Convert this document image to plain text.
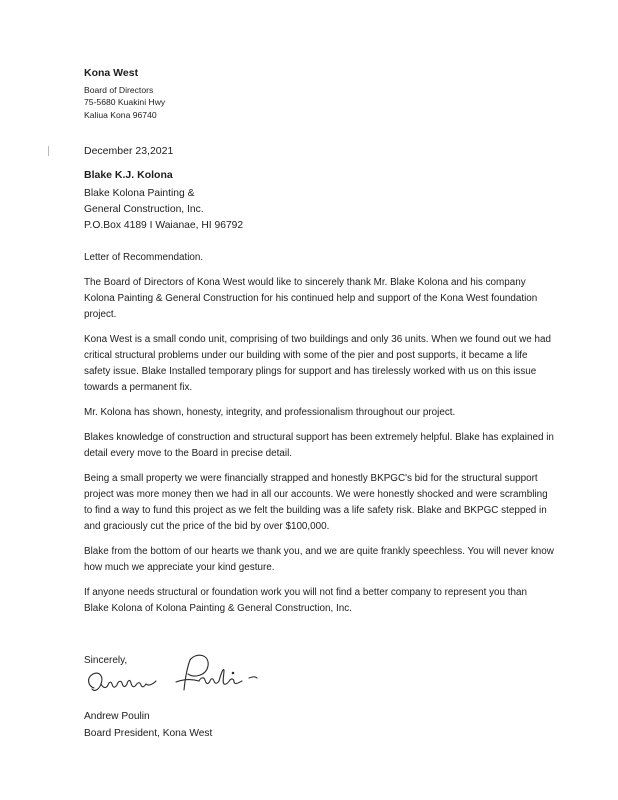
Kona West
Board of Directors
75-5680 Kuakini Hwy
Kaliua Kona 96740
December 23,2021
Blake K.J. Kolona
Blake Kolona Painting &
General Construction, Inc.
P.O.Box 4189 I Waianae, HI 96792

Letter of Recommendation.

The Board of Directors of Kona West would like to sincerely thank Mr. Blake Kolona and his company Kolona Painting & General Construction for his continued help and support of the Kona West foundation project.

Kona West is a small condo unit, comprising of two buildings and only 36 units. When we found out we had critical structural problems under our building with some of the pier and post supports, it became a life safety issue. Blake Installed temporary plings for support and has tirelessly worked with us on this issue towards a permanent fix.

Mr. Kolona has shown, honesty, integrity, and professionalism throughout our project.

Blakes knowledge of construction and structural support has been extremely helpful. Blake has explained in detail every move to the Board in precise detail.

Being a small property we were financially strapped and honestly BKPGC's bid for the structural support project was more money then we had in all our accounts. We were honestly shocked and were scrambling to find a way to fund this project as we felt the building was a life safety risk. Blake and BKPGC stepped in and graciously cut the price of the bid by over $100,000.

Blake from the bottom of our hearts we thank you, and we are quite frankly speechless. You will never know how much we appreciate your kind gesture.

If anyone needs structural or foundation work you will not find a better company to represent you than Blake Kolona of Kolona Painting & General Construction, Inc.

Sincerely,
Andrew Poulin
Board President, Kona West
